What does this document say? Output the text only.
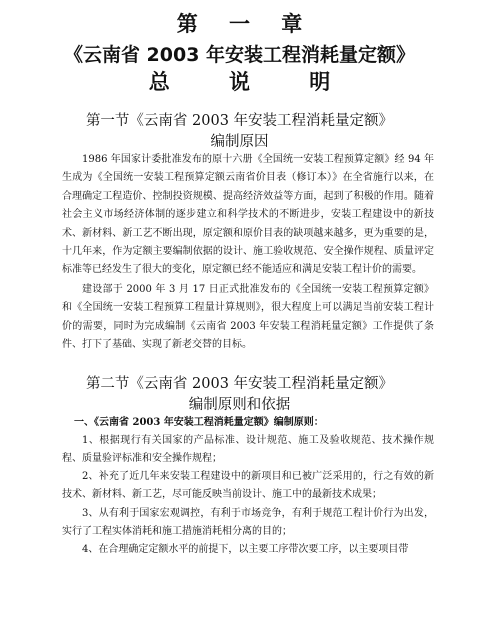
第 一 章
《云南省 2003 年安装工程消耗量定额》
总 说 明
第一节《云南省 2003 年安装工程消耗量定额》
编制原因

1986 年国家计委批准发布的原十六册《全国统一安装工程预算定额》经 94 年生成为《全国统一安装工程预算定额云南省价目表（修订本）》在全省施行以来，在合理确定工程造价、控制投资规模、提高经济效益等方面，起到了积极的作用。随着社会主义市场经济体制的逐步建立和科学技术的不断进步，安装工程建设中的新技术、新材料、新工艺不断出现，原定额和原价目表的缺项越来越多，更为重要的是，十几年来，作为定额主要编制依据的设计、施工验收规范、安全操作规程、质量评定标准等已经发生了很大的变化，原定额已经不能适应和满足安装工程计价的需要。

建设部于 2000 年 3 月 17 日正式批准发布的《全国统一安装工程预算定额》和《全国统一安装工程预算工程量计算规则》，很大程度上可以满足当前安装工程计价的需要，同时为完成编制《云南省 2003 年安装工程消耗量定额》工作提供了条件、打下了基础、实现了新老交替的目标。

第二节《云南省 2003 年安装工程消耗量定额》
编制原则和依据

一、《云南省 2003 年安装工程消耗量定额》编制原则：

1、根据现行有关国家的产品标准、设计规范、施工及验收规范、技术操作规程、质量验评标准和安全操作规程；

2、补充了近几年来安装工程建设中的新项目和已被广泛采用的，行之有效的新技术、新材料、新工艺，尽可能反映当前设计、施工中的最新技术成果；

3、从有利于国家宏观调控，有利于市场竞争，有利于规范工程计价行为出发，实行了工程实体消耗和施工措施消耗相分离的目的；

4、在合理确定定额水平的前提下，以主要工序带次要工序，以主要项目带
